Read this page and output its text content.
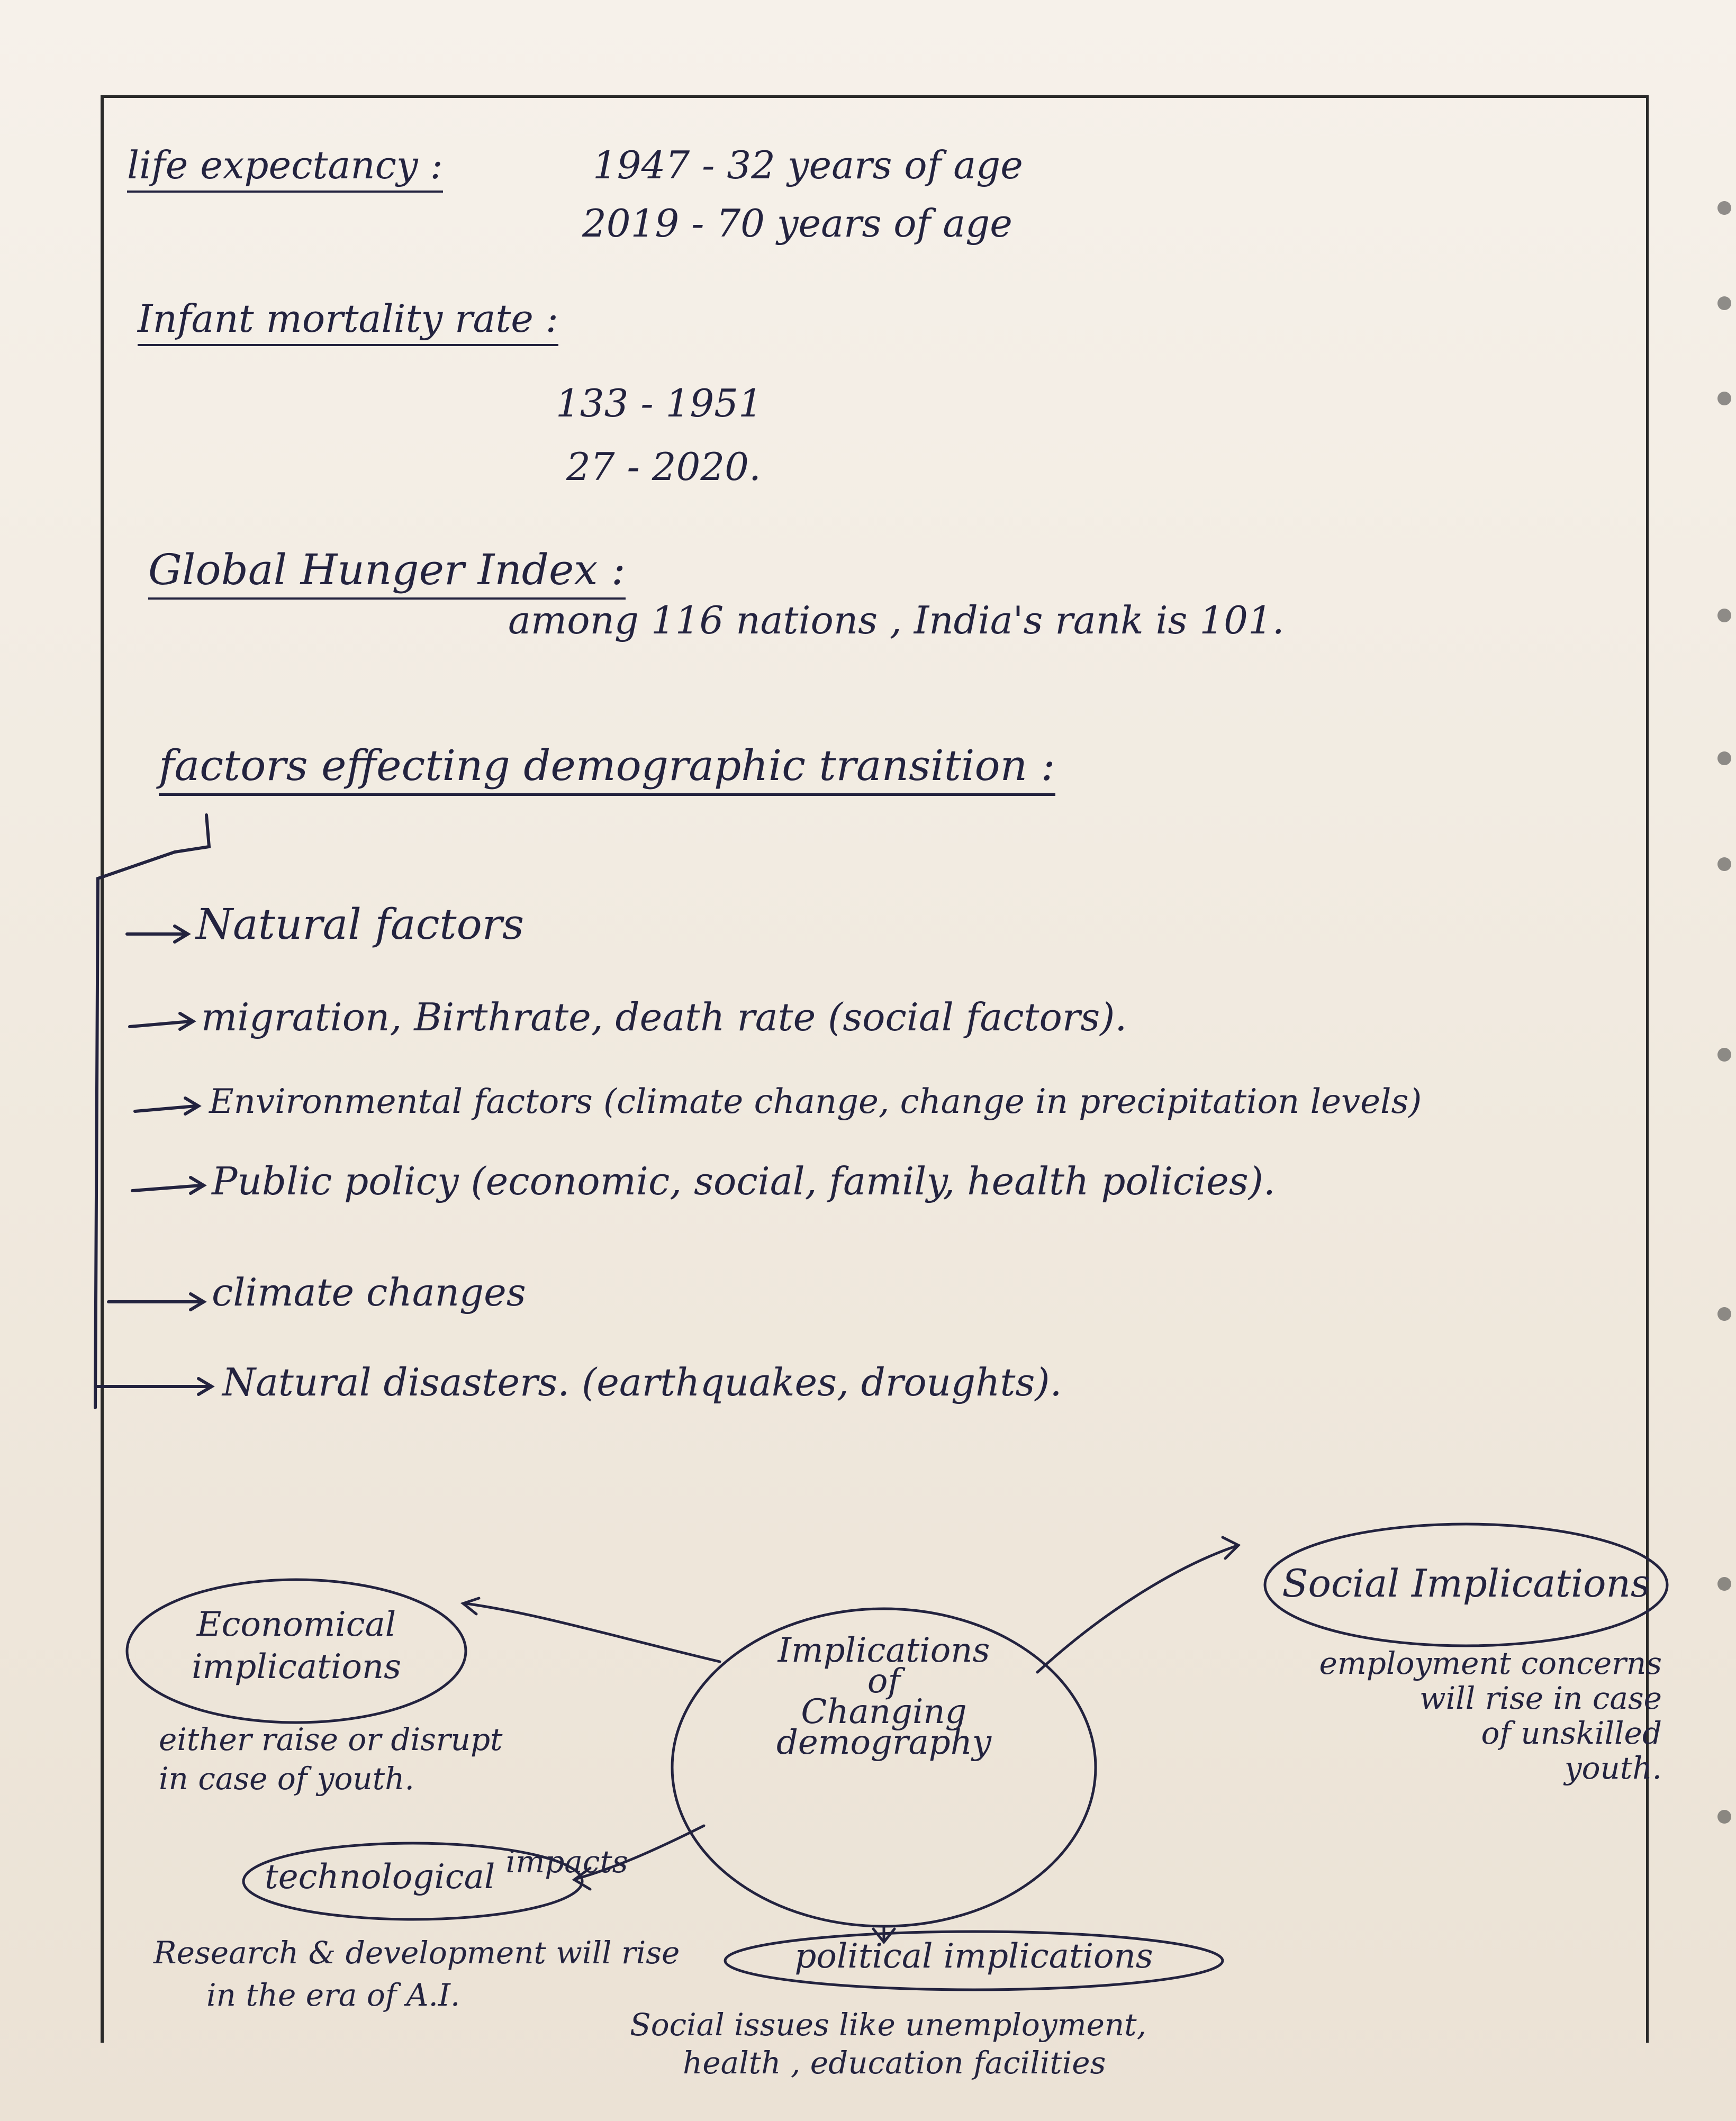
life expectancy :	1947 - 32 years of age
2019 - 70 years of age
Infant mortality rate :
133 - 1951
27 - 2020.
Global Hunger Index :
among 116 nations , India's rank is 101.
factors effecting demographic transition :
Natural factors
migration, Birthrate, death rate (social factors).
Environmental factors (climate change, change in precipitation levels)
Public policy (economic, social, family, health policies).
climate changes
Natural disasters. (earthquakes, droughts).
Implications
of
Changing
demography
Economical
implications
either raise or disrupt
in case of youth.
Social Implications
employment concerns
will rise in case
of unskilled
youth.
technological impacts
Research & development will rise
in the era of A.I.
political implications
Social issues like unemployment,
health , education facilities
